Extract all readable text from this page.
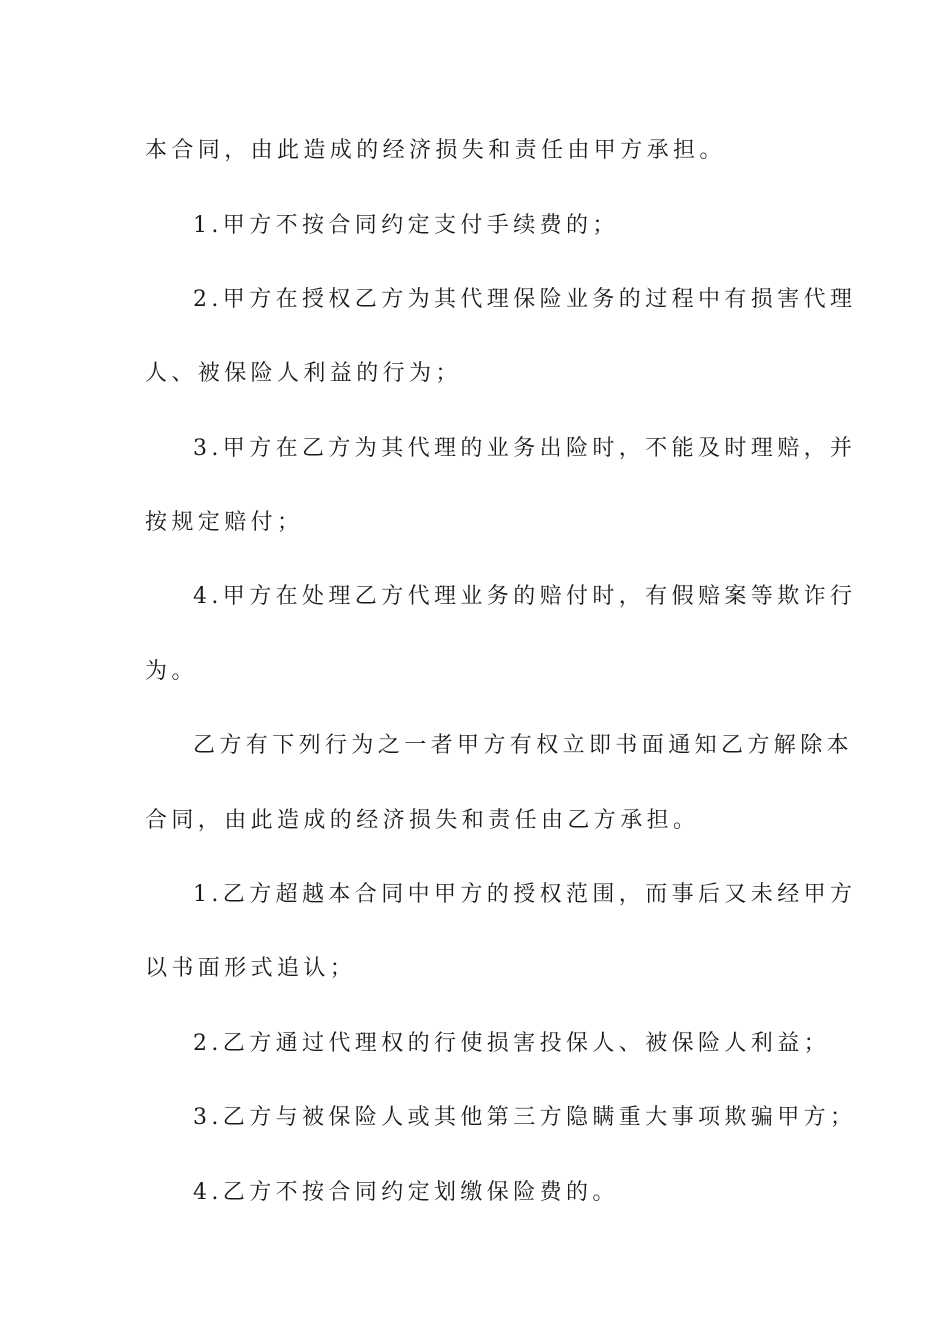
本合同，由此造成的经济损失和责任由甲方承担。
1.甲方不按合同约定支付手续费的；
2.甲方在授权乙方为其代理保险业务的过程中有损害代理
人、被保险人利益的行为；
3.甲方在乙方为其代理的业务出险时，不能及时理赔，并
按规定赔付；
4.甲方在处理乙方代理业务的赔付时，有假赔案等欺诈行
为。
乙方有下列行为之一者甲方有权立即书面通知乙方解除本
合同，由此造成的经济损失和责任由乙方承担。
1.乙方超越本合同中甲方的授权范围，而事后又未经甲方
以书面形式追认；
2.乙方通过代理权的行使损害投保人、被保险人利益；
3.乙方与被保险人或其他第三方隐瞒重大事项欺骗甲方；
4.乙方不按合同约定划缴保险费的。
